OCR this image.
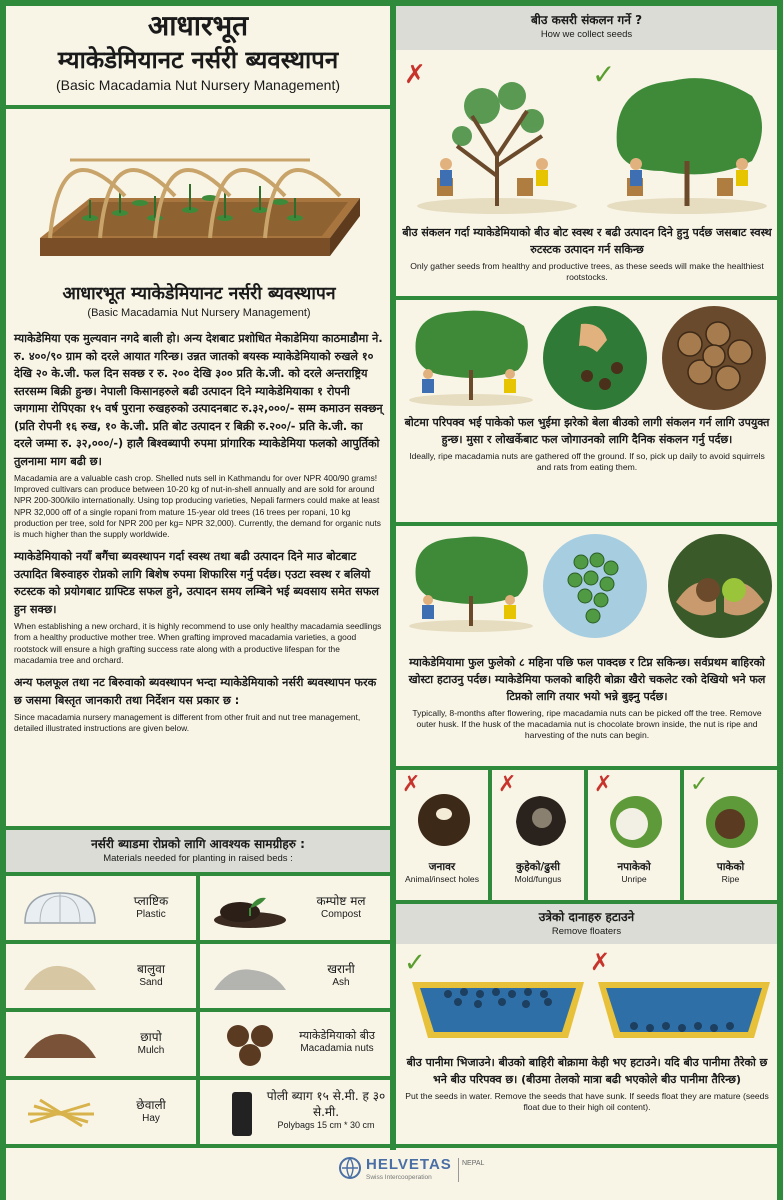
आधारभूत
म्याकेडेमियानट नर्सरी ब्यवस्थापन
(Basic Macadamia Nut Nursery Management)
आधारभूत म्याकेडेमियानट नर्सरी ब्यवस्थापन
(Basic Macadamia Nut Nursery Management)
म्याकेडेमिया एक मुल्यवान नगदे बाली हो। अन्य देशबाट प्रशोधित मेकाडेमिया काठमाडौमा ने. रु. ४००/९० ग्राम को दरले आयात गरिन्छ। उन्नत जातको बयस्क म्याकेडेमियाको रुखले १० देखि २० के.जी. फल दिन सक्छ र रु. २०० देखि ३०० प्रति के.जी. को दरले अन्तराष्ट्रिय स्तरसम्म बिक्री हुन्छ। नेपाली किसानहरुले बढी उत्पादन दिने म्याकेडेमियाका १ रोपनी जगगामा रोपिएका १५ वर्ष पुराना रुखहरुको उत्पादनबाट रु.३२,०००/- सम्म कमाउन सक्छन् (प्रति रोपनी १६ रुख, १० के.जी. प्रति बोट उत्पादन र बिक्री रु.२००/- प्रति के.जी. का दरले जम्मा रु. ३२,०००/-) हालै बिश्वब्यापी रुपमा प्रांगारिक म्याकेडेमिया फलको आपुर्तिको तुलनामा माग बढी छ।
Macadamia are a valuable cash crop. Shelled nuts sell in Kathmandu for over NPR 400/90 grams! Improved cultivars can produce between 10-20 kg of nut-in-shell annually and are sold for around NPR 200-300/kilo internationally. Using top producing varieties, Nepali farmers could make at least NPR 32,000 off of a single ropani from mature 15-year old trees (16 trees per ropani, 10 kg production per tree, sold for NPR 200 per kg= NPR 32,000). Currently, the demand for organic nuts is much higher than the supply worldwide.
म्याकेडेमियाको नयाँ बगैंचा ब्यवस्थापन गर्दा स्वस्थ तथा बढी उत्पादन दिने माउ बोटबाट उत्पादित बिरुवाहरु रोप्नको लागि बिशेष रुपमा शिफारिस गर्नु पर्दछ। एउटा स्वस्थ र बलियो रुटस्टक को प्रयोगबाट ग्राफ्टिड सफल हुने, उत्पादन समय लम्बिने भई ब्यवसाय समेत सफल हुन सक्छ।
When establishing a new orchard, it is highly recommend to use only healthy macadamia seedlings from a healthy productive mother tree. When grafting improved macadamia varieties, a good rootstock will ensure a high grafting success rate along with a productive lifespan for the macadamia tree and orchard.
अन्य फलफूल तथा नट बिरुवाको ब्यवस्थापन भन्दा म्याकेडेमियाको नर्सरी ब्यवस्थापन फरक छ जसमा बिस्तृत जानकारी तथा निर्देशन यस प्रकार छ :
Since macadamia nursery management is different from other fruit and nut tree management, detailed illustrated instructions are given below.
नर्सरी ब्याडमा रोप्नको लागि आवश्यक सामग्रीहरु :
Materials needed for planting in raised beds :
प्लाष्टिक
Plastic
कम्पोष्ट मल
Compost
बालुवा
Sand
खरानी
Ash
छापो
Mulch
म्याकेडेमियाको बीउ
Macadamia nuts
छेवाली
Hay
पोली ब्याग १५ से.मी. ह ३० से.मी.
Polybags 15 cm * 30 cm
बीउ कसरी संकलन गर्ने ?
How we collect seeds
✗	✓
बीउ संकलन गर्दा म्याकेडेमियाको बीउ बोट स्वस्थ र बढी उत्पादन दिने हुनु पर्दछ जसबाट स्वस्थ रुटस्टक उत्पादन गर्न सकिन्छ
Only gather seeds from healthy and productive trees, as these seeds will make the healthiest rootstocks.
बोटमा परिपक्व भई पाकेको फल भुईमा झरेको बेला बीउको लागी संकलन गर्न लागि उपयुक्त हुन्छ। मुसा र लोखर्केबाट फल जोगाउनको लागि दैनिक संकलन गर्नु पर्दछ।
Ideally, ripe macadamia nuts are gathered off the ground. If so, pick up daily to avoid squirrels and rats from eating them.
म्याकेडेमियामा फुल फुलेको ८ महिना पछि फल पाक्दछ र टिप्न सकिन्छ। सर्वप्रथम बाहिरको खोस्टा हटाउनु पर्दछ। म्याकेडेमिया फलको बाहिरी बोक्रा खैरो चकलेट रको देखियो भने फल टिप्नको लागि तयार भयो भन्ने बुझ्नु पर्दछ।
Typically, 8-months after flowering, ripe macadamia nuts can be picked off the tree. Remove outer husk. If the husk of the macadamia nut is chocolate brown inside, the nut is ripe and harvesting of the nuts can begin.
✗
जनावर
Animal/insect holes
✗
कुहेको/ढुसी
Mold/fungus
✗
नपाकेको
Unripe
✓
पाकेको
Ripe
उत्रेको दानाहरु हटाउने
Remove floaters
✓	✗
बीउ पानीमा भिजाउने। बीउको बाहिरी बोक्रामा केही भए हटाउने। यदि बीउ पानीमा तैरेको छ भने बीउ परिपक्व छ। (बीउमा तेलको मात्रा बढी भएकोले बीउ पानीमा तैरिन्छ)
Put the seeds in water. Remove the seeds that have sunk. If seeds float they are mature (seeds float due to their high oil content).
HELVETAS
Swiss Intercooperation
NEPAL
